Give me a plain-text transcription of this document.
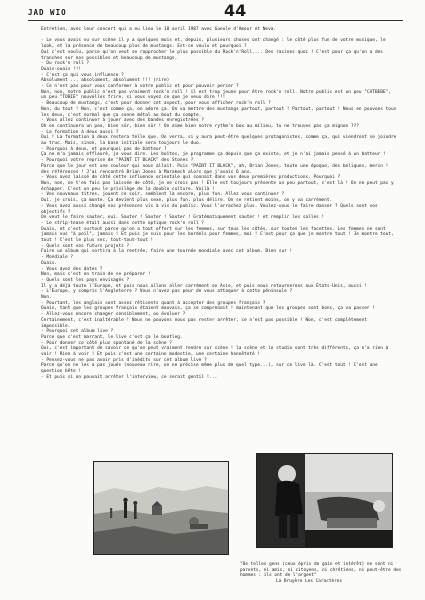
JAD WIO	44

Entretien, avec leur concert qui a eu lieu le 18 avril 1987 avec Gueule d'Amour et Neva.

- Le vous avais vu sur scène il y a quelques mois et, depuis, plusieurs choses ont changé : le côté plus fun de votre musique, le look, et la présence de beaucoup plus de mustangs. Est-ce voulu et pourquoi ?

Oui c'est voulu, parce qu'on veut se rapprocher le plus possible du Rock'n'Roll.... Des racines quoi ! C'est pour ça qu'on a des tranches sur nos possibles et beaucoup de mustangs.

- Du rock'n roll ?

Ouais-ouais !!!

- C'est ça qui vous influence ?

Absolument ... absolument, absolument !!! (rire)

- Ce n'est pas pour vous conformer à votre public et pour pouvoir percer ?

Non, non, notre public n'est pas vraiment rock'n roll ! il est trop jeune pour être rock'n roll. Notre public est un peu "CATBEBE", un peu "TOBIE" nouvelles frire, si vous voyez ce que je veux dire !!!

- Beaucoup de mustangs, c'est pour donner cet aspect, pour vous afficher rock'n roll ?

Non, du tout ! Non, c'est comme ça, on adore ça. On va mettre des mustangs partout, partout ! Partout, partout ! Nous en pouvons tous les deux, c'est normal que ça sonne métal au bout du compte.

- Vous allez continuer à jouer avec des bandes enregistrées ?

Oh on continuera un peu, bien sûr, bien sûr ! On aime bien notre rythm'n box au milieu, tu ne trouves pas ça mignon ???

- La formation à deux aussi ?

Oui ! La formation à deux restera telle que. On verra, si y aura peut-être quelques protagonistes, comme ça, qui viendront se joindre au truc. Mais, sinon, la base initiale sera toujours le duo.

- Pourquoi à deux, et pourquoi pas de batteur ?

Ça ne m'a jamais effleuré, je vous dire. Les boîtes, je programme ça depuis que ça existe, et je n'ai jamais pensé à un batteur !

- Pourquoi votre reprise de "PAINT IT BLACK" des Stones ?

Parce que le jour est une couleur qui nous allait. Puis "PAINT IT BLACK", ah, Brian Jones, toute une époque, des beliques, merin ! des références ! J'ai rencontré Brian Jones à Marakech alors que j'avais 6 ans.

- Vous avez laissé de côté cette influence orientale qui sonnait dans vos deux premières productions. Pourquoi ?

Non, non, ne t'en fais pas laissée de côté, je ne crois pas ! Elle est toujours présente un peu partout, c'est là ! On ne peut pas y échapper. C'est un peu le privilège de la double culture. Voilà !

- Vos nouveaux titres, jouent ce soir, semblent là encore, plus fun. Allez vous continuer ?

Oui, je crois, ça monte. Ça devient plus sexe, plus fun, plus délire. On se retient moins, on y va carrément.

- Vous avez aussi changé vos présences vis à vis du public. Vous l'arrachez plus. Voulez-vous le faire danser ? Quels sont vos objectifs ?

On veut le faire sauter, oui. Sauter ! Sauter ! Sauter ! Gratématiquement sauter ! et remplir les salles !

- Le strip-tease était aussi dans cette optique rock'n roll ?

Ouais, et c'est surtout parce qu'on a tout offert sur les femmes, sur tous les côtés, sur toutes les facettes. Les femmes ne sont jamais vus "à poil", jamais ! Et puis je suis pour les bordels pour femmes, moi ! C'est pour ça que je montre tout ! Je montre tout, tout ! C'est le plus sec, tout-tout-tout !

- Quels sont vos futurs projets ?

Faire un album qui sortira à la rentrée, faire une tournée mondiale avec cet album. Bien sur !

- Mondiale ?

Ouais.

- Vous avez des dates ?

Non, mais c'est en train de se préparer !

- Quels sont les pays envisagés ?

Il y a déjà toute l'Europe, et puis nous allons aller carrément en Asie, et puis nous retournerons aux États-Unis, aussi !

- L'Europe, y compris l'Angleterre ? Vous n'avez pas peur de vous attaquer à cette péninsule ?

Non.

- Pourtant, les anglais sont assez réticents quant à accepter des groupes français ?

Ouais, tant que les groupes français étaient mauvais, ça se comprenait ! maintenant que les groupes sont bons, ça va passer !

- Allez-vous encore changer sensiblement, ou évoluer ?

Certainement, c'est inaltérable ! Nous ne pouvons nous pas rester arrêter, ce n'est pas possible ! Non, c'est complètement impossible.

- Pourquoi cet album live ?

Parce que c'est marrant, le live c'est ça le bootleg.

- Pour donner ce côté plus spontané de la scène ?

Oui, c'est important de savoir ce qu'on peut vraiment rendre sur scène ! la scène et le studio sont très différents, ça n'a rien à voir ! Rien à voir ! Et puis c'est une certaine modestie, une certaine honnêteté !

- Pensez-vous ne pas avoir pris d'inédits sur cet album live ?

Parce qu'on ne les a pas joués (nouveau rire, on ne précise même plus de quel type...), sur ce live là. C'est tout ! C'est une question bête !

- Et puis si on pouvait arrêter l'interview, ce serait gentil !...

"De telles gens (ceux épris de gain et intérêt) ne sont ni parents, ni amis, ni citoyens, ni chrétiens, ni peut-être des hommes : ils ont de l'argent"

La Bruyère Les Caractères
